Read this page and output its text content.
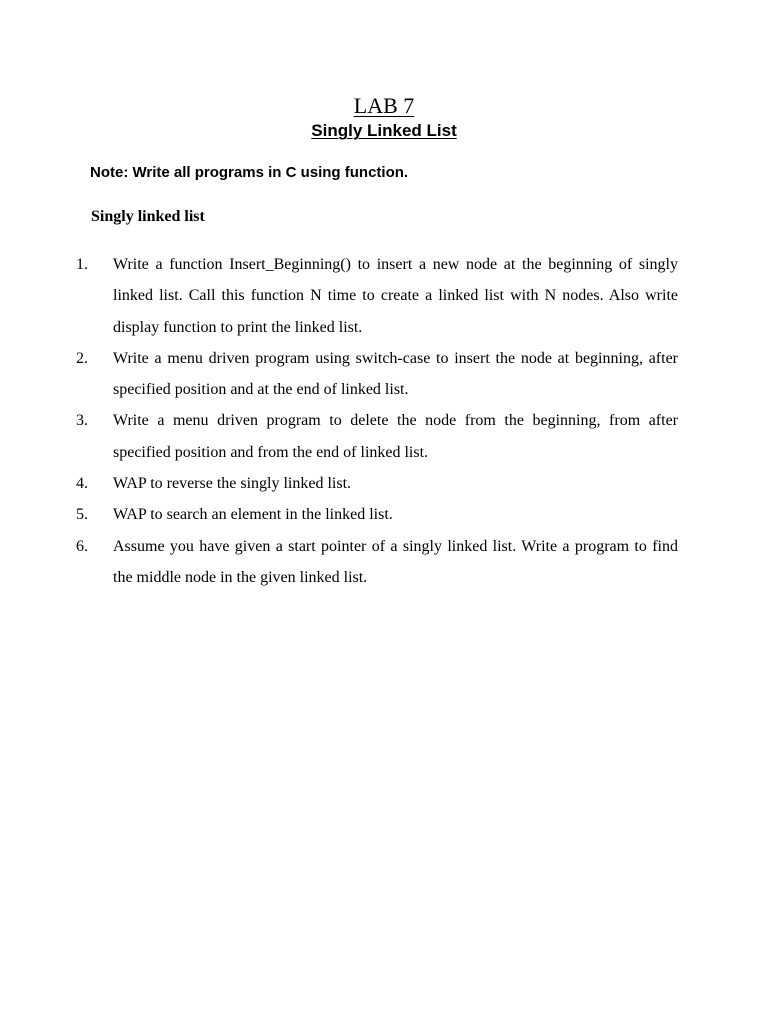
LAB 7
Singly Linked List
Note: Write all programs in C using function.
Singly linked list
1. Write a function Insert_Beginning() to insert a new node at the beginning of singly linked list. Call this function N time to create a linked list with N nodes. Also write display function to print the linked list.
2. Write a menu driven program using switch-case to insert the node at beginning, after specified position and at the end of linked list.
3. Write a menu driven program to delete the node from the beginning, from after specified position and from the end of linked list.
4. WAP to reverse the singly linked list.
5. WAP to search an element in the linked list.
6. Assume you have given a start pointer of a singly linked list. Write a program to find the middle node in the given linked list.
